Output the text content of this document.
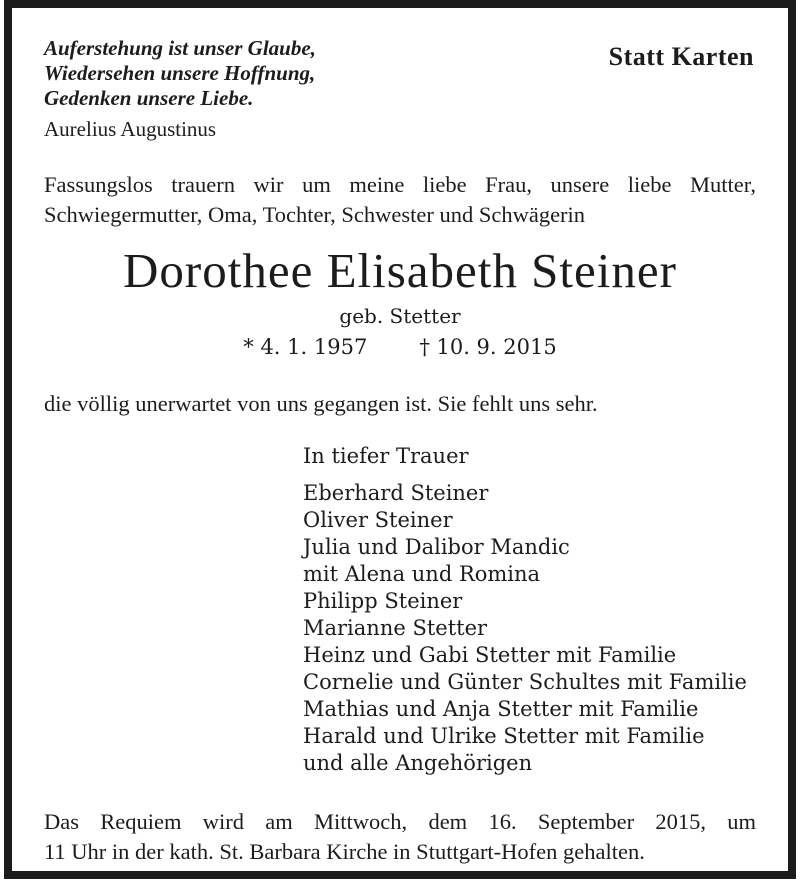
Auferstehung ist unser Glaube,
Wiedersehen unsere Hoffnung,
Gedenken unsere Liebe.
Aurelius Augustinus
Statt Karten
Fassungslos trauern wir um meine liebe Frau, unsere liebe Mutter,
Schwiegermutter, Oma, Tochter, Schwester und Schwägerin
Dorothee Elisabeth Steiner
geb. Stetter
* 4. 1. 1957 † 10. 9. 2015
die völlig unerwartet von uns gegangen ist. Sie fehlt uns sehr.
In tiefer Trauer
Eberhard Steiner
Oliver Steiner
Julia und Dalibor Mandic
mit Alena und Romina
Philipp Steiner
Marianne Stetter
Heinz und Gabi Stetter mit Familie
Cornelie und Günter Schultes mit Familie
Mathias und Anja Stetter mit Familie
Harald und Ulrike Stetter mit Familie
und alle Angehörigen
Das Requiem wird am Mittwoch, dem 16. September 2015, um
11 Uhr in der kath. St. Barbara Kirche in Stuttgart-Hofen gehalten.
